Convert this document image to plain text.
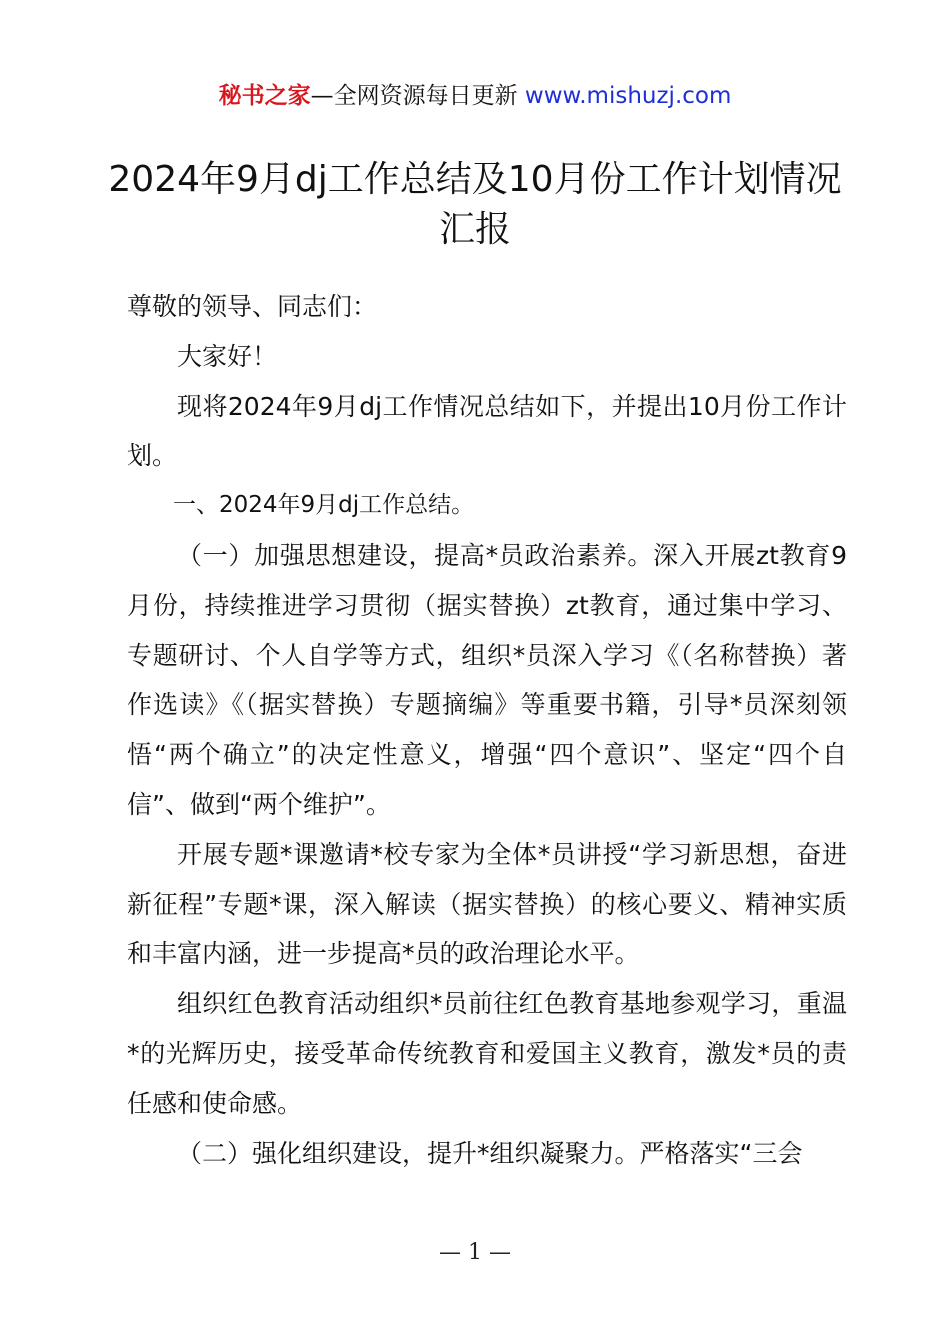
秘书之家—全网资源每日更新 www.mishuzj.com
2024年9月dj工作总结及10月份工作计划情况汇报

尊敬的领导、同志们：

大家好！

现将2024年9月dj工作情况总结如下，并提出10月份工作计划。

一、2024年9月dj工作总结。

（一）加强思想建设，提高*员政治素养。深入开展zt教育9月份，持续推进学习贯彻（据实替换）zt教育，通过集中学习、专题研讨、个人自学等方式，组织*员深入学习《（名称替换）著作选读》《（据实替换）专题摘编》等重要书籍，引导*员深刻领悟“两个确立”的决定性意义，增强“四个意识”、坚定“四个自信”、做到“两个维护”。

开展专题*课邀请*校专家为全体*员讲授“学习新思想，奋进新征程”专题*课，深入解读（据实替换）的核心要义、精神实质和丰富内涵，进一步提高*员的政治理论水平。

组织红色教育活动组织*员前往红色教育基地参观学习，重温*的光辉历史，接受革命传统教育和爱国主义教育，激发*员的责任感和使命感。

（二）强化组织建设，提升*组织凝聚力。严格落实“三会

— 1 —
